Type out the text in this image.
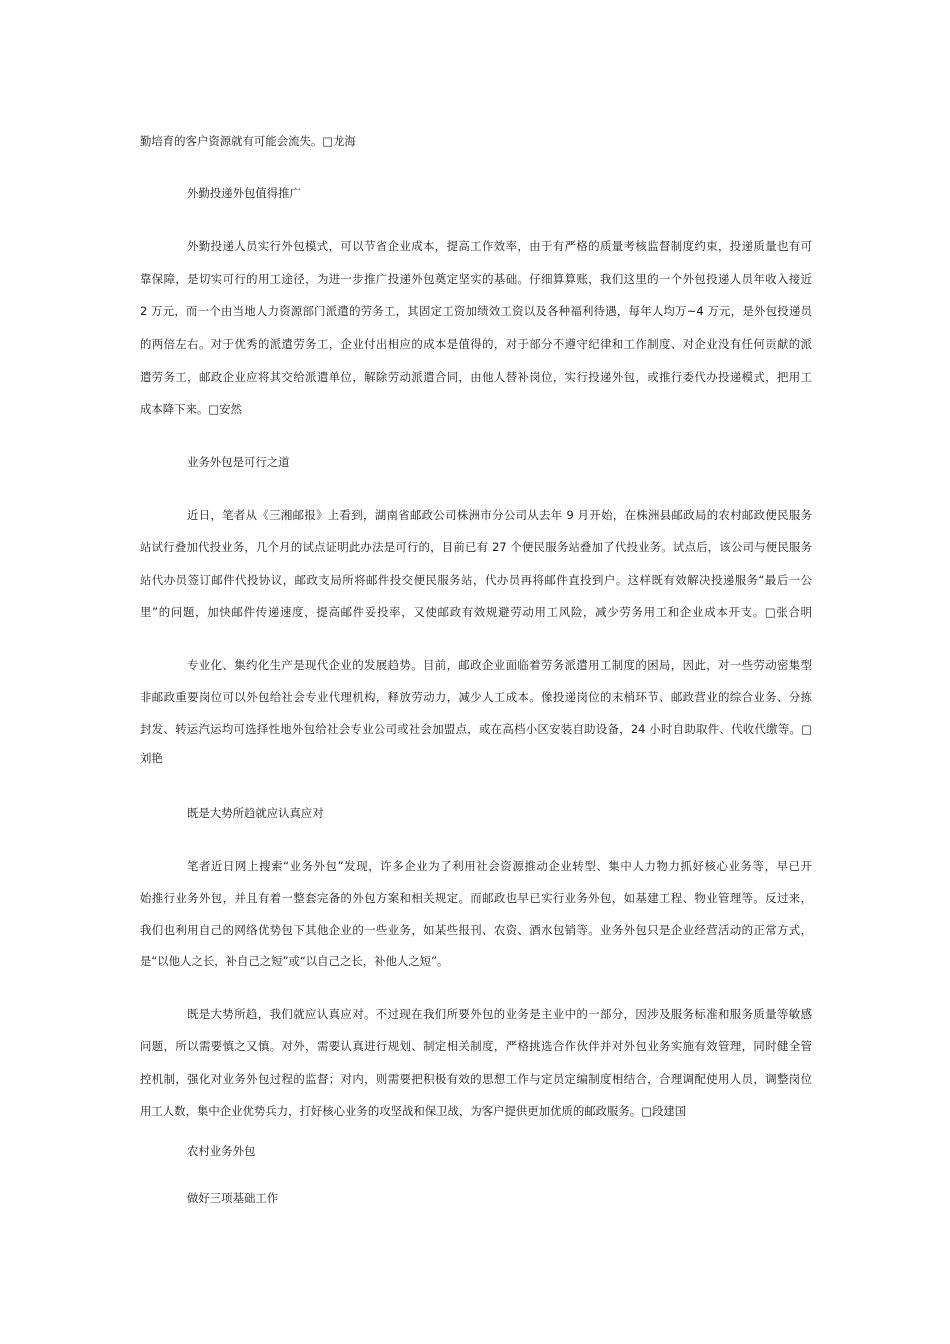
勤培育的客户资源就有可能会流失。□龙海
外勤投递外包值得推广
外勤投递人员实行外包模式，可以节省企业成本，提高工作效率，由于有严格的质量考核监督制度约束，投递质量也有可
靠保障，是切实可行的用工途径，为进一步推广投递外包奠定坚实的基础。仔细算算账，我们这里的一个外包投递人员年收入接近
2 万元，而一个由当地人力资源部门派遣的劳务工，其固定工资加绩效工资以及各种福利待遇，每年人均万~4 万元，是外包投递员
的两倍左右。对于优秀的派遣劳务工，企业付出相应的成本是值得的，对于部分不遵守纪律和工作制度、对企业没有任何贡献的派
遣劳务工，邮政企业应将其交给派遣单位，解除劳动派遣合同，由他人替补岗位，实行投递外包，或推行委代办投递模式，把用工
成本降下来。□安然
业务外包是可行之道
近日，笔者从《三湘邮报》上看到，湖南省邮政公司株洲市分公司从去年 9 月开始，在株洲县邮政局的农村邮政便民服务
站试行叠加代投业务，几个月的试点证明此办法是可行的，目前已有 27 个便民服务站叠加了代投业务。试点后，该公司与便民服务
站代办员签订邮件代投协议，邮政支局所将邮件投交便民服务站，代办员再将邮件直投到户。这样既有效解决投递服务“最后一公
里”的问题，加快邮件传递速度，提高邮件妥投率，又使邮政有效规避劳动用工风险，减少劳务用工和企业成本开支。□张合明
专业化、集约化生产是现代企业的发展趋势。目前，邮政企业面临着劳务派遣用工制度的困局，因此，对一些劳动密集型
非邮政重要岗位可以外包给社会专业代理机构，释放劳动力，减少人工成本。像投递岗位的末梢环节、邮政营业的综合业务、分拣
封发、转运汽运均可选择性地外包给社会专业公司或社会加盟点，或在高档小区安装自助设备，24 小时自助取件、代收代缴等。□
刘艳
既是大势所趋就应认真应对
笔者近日网上搜索“业务外包”发现，许多企业为了利用社会资源推动企业转型、集中人力物力抓好核心业务等，早已开
始推行业务外包，并且有着一整套完备的外包方案和相关规定。而邮政也早已实行业务外包，如基建工程、物业管理等。反过来，
我们也利用自己的网络优势包下其他企业的一些业务，如某些报刊、农资、酒水包销等。业务外包只是企业经营活动的正常方式，
是“以他人之长，补自己之短”或“以自己之长，补他人之短”。
既是大势所趋，我们就应认真应对。不过现在我们所要外包的业务是主业中的一部分，因涉及服务标准和服务质量等敏感
问题，所以需要慎之又慎。对外，需要认真进行规划、制定相关制度，严格挑选合作伙伴并对外包业务实施有效管理，同时健全管
控机制，强化对业务外包过程的监督；对内，则需要把积极有效的思想工作与定员定编制度相结合，合理调配使用人员，调整岗位
用工人数，集中企业优势兵力，打好核心业务的攻坚战和保卫战，为客户提供更加优质的邮政服务。□段建国
农村业务外包
做好三项基础工作
